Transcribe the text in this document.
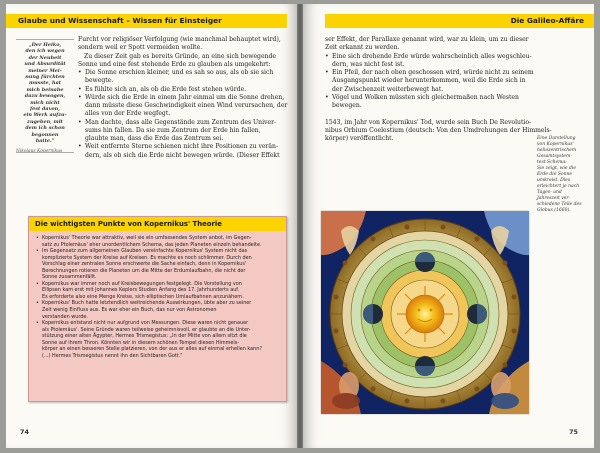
Glaube und Wissenschaft – Wissen für Einsteiger
„Der Heiko,
den ich wegen
der Neuheit
und Absurdität
meiner Mei-
nung fürchten
musste, hat
mich beinahe
dazu bewogen,
mich nicht
fest davon,
ein Werk aufzu-
zugeben, mit
dem ich schon
begonnen
hatte."
Nikolaus Kopernikus
Furcht vor religiöser Verfolgung (wie manchmal behauptet wird),
sondern weil er Spott vermeiden wollte.
Zu dieser Zeit gab es bereits Gründe, an eine sich bewegende
Sonne und eine fest stehende Erde zu glauben als umgekehrt:
• Die Sonne erschien kleiner, und es sah so aus, als ob sie sich
bewegte.
• Es fühlte sich an, als ob die Erde fest stehen würde.
• Würde sich die Erde in einem Jahr einmal um die Sonne drehen,
dann müsste diese Geschwindigkeit einen Wind verursachen, der
alles von der Erde wegfegt.
• Man dachte, dass alle Gegenstände zum Zentrum des Univer-
sums hin fallen. Da sie zum Zentrum der Erde hin fallen,
glaubte man, dass die Erde das Zentrum sei.
• Weit entfernte Sterne schienen nicht ihre Positionen zu verän-
dern, als ob sich die Erde nicht bewegen würde. (Dieser Effekt
Die wichtigsten Punkte von Kopernikus' Theorie
• Kopernikus' Theorie war attraktiv, weil sie ein umfassendes System anbot, im Gegen-
satz zu Ptolemäus' eher unordentlichem Schema, das jeden Planeten einzeln behandelte.
• Im Gegensatz zum allgemeinen Glauben vereinfachte Kopernikus' System nicht das
komplizierte System der Kreise auf Kreisen. Es machte es noch schlimmer. Durch den
Vorschlag einer zentralen Sonne erschwerte die Sache einfach, denn in Kopernikus'
Berechnungen rotieren die Planeten um die Mitte der Erdumlaufbahn, die nicht der
Sonne zusammenfällt.
• Kopernikus war immer noch auf Kreisbewegungen festgelegt. Die Vorstellung von
Ellipsen kam erst mit Johannes Keplers Studien Anfang des 17. Jahrhunderts auf.
Es erforderte also eine Menge Kreise, sich elliptischen Umlaufbahnen anzunähern.
• Kopernikus' Buch hatte letztendlich weitreichende Auswirkungen, übte aber zu seiner
Zeit wenig Einfluss aus. Es war eher ein Buch, das nur von Astronomen
verstanden wurde.
• Kopernikus entstand nicht nur aufgrund von Messungen. Diese waren nicht genauer
als Ptolemäus'. Seine Gründe waren teilweise geheimnisvoll, er glaubte an die Unter-
stützung einer alten Ägypter, Hermes Trismegistus: „In der Mitte von allem sitzt die
Sonne auf ihrem Thron. Könnten wir in diesem schönen Tempel diesen Himmels-
körper an einen besseren Stelle platzieren, von der aus er alles auf einmal erhellen kann?
(...) Hermes Trismegistus nennt ihn den Sichtbaren Gott."
74
Die Galileo-Affäre
ser Effekt, der Parallaxe genannt wird, war zu klein, um zu dieser
Zeit erkannt zu werden.
• Eine sich drehende Erde würde wahrscheinlich alles wegschleu-
dern, was nicht fest ist.
• Ein Pfeil, der nach oben geschossen wird, würde nicht zu seinem
Ausgangspunkt wieder herunterkommen, weil die Erde sich in
der Zwischenzeit weiterbewegt hat.
• Vögel und Wolken müssten sich gleichermaßen nach Westen
bewegen.

1543, im Jahr von Kopernikus' Tod, wurde sein Buch De Revolutio-
nibus Orbium Coelestium (deutsch: Von den Umdrehungen der Himmels-
körper) veröffentlicht.	Eine Darstellung
von Kopernikus'
heliozentrischem
Gesamtsystem-
test Schema:
Sie zeigt, wie die
Erde die Sonne
umkreist. Dies
erleichtert je nach
Tages- und
Jahreszeit ver-
schiedene Teile des
Globus (1660).
75
